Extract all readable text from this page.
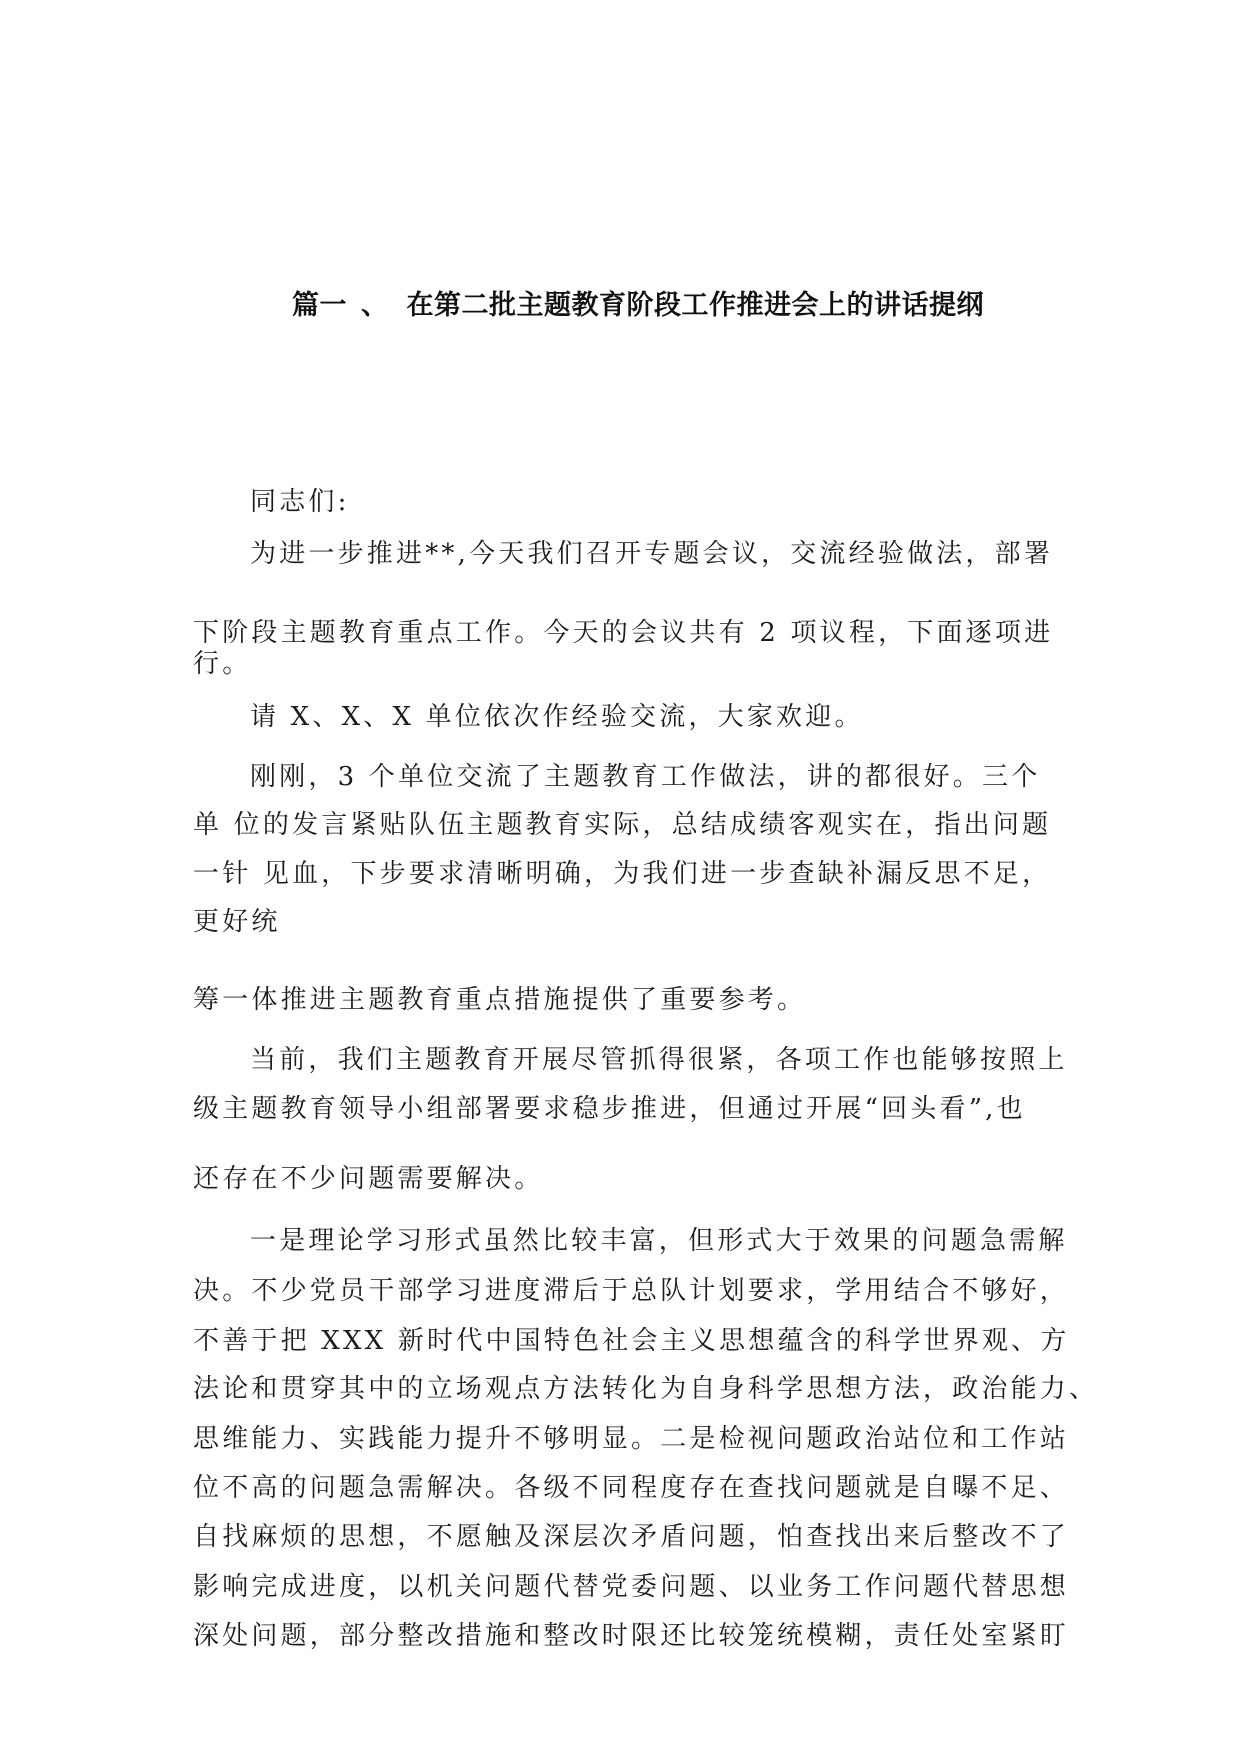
篇一 、 在第二批主题教育阶段工作推进会上的讲话提纲
同志们:
为进一步推进**,今天我们召开专题会议，交流经验做法，部署
下阶段主题教育重点工作。今天的会议共有 2 项议程，下面逐项进
行。
请 X、X、X 单位依次作经验交流，大家欢迎。
刚刚，3 个单位交流了主题教育工作做法，讲的都很好。三个
单 位的发言紧贴队伍主题教育实际，总结成绩客观实在，指出问题
一针 见血，下步要求清晰明确，为我们进一步查缺补漏反思不足，
更好统
筹一体推进主题教育重点措施提供了重要参考。
当前，我们主题教育开展尽管抓得很紧，各项工作也能够按照上
级主题教育领导小组部署要求稳步推进，但通过开展“回头看”,也
还存在不少问题需要解决。
一是理论学习形式虽然比较丰富，但形式大于效果的问题急需解
决。不少党员干部学习进度滞后于总队计划要求，学用结合不够好，
不善于把 XXX 新时代中国特色社会主义思想蕴含的科学世界观、方
法论和贯穿其中的立场观点方法转化为自身科学思想方法，政治能力、
思维能力、实践能力提升不够明显。二是检视问题政治站位和工作站
位不高的问题急需解决。各级不同程度存在查找问题就是自曝不足、
自找麻烦的思想，不愿触及深层次矛盾问题，怕查找出来后整改不了
影响完成进度，以机关问题代替党委问题、以业务工作问题代替思想
深处问题，部分整改措施和整改时限还比较笼统模糊，责任处室紧盯
